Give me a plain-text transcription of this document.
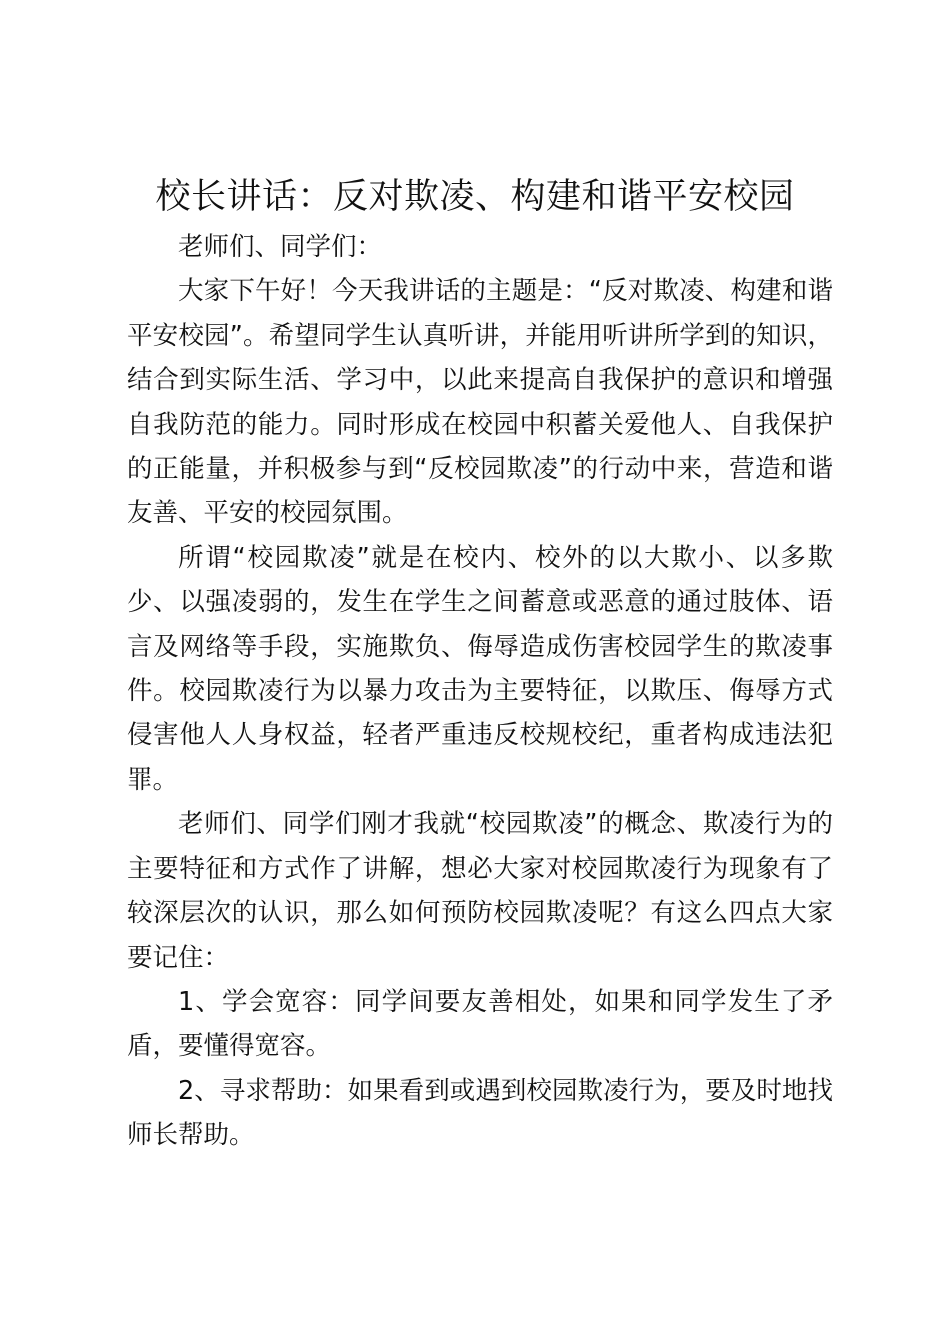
校长讲话：反对欺凌、构建和谐平安校园

老师们、同学们：

大家下午好！今天我讲话的主题是：“反对欺凌、构建和谐平安校园”。希望同学生认真听讲，并能用听讲所学到的知识，结合到实际生活、学习中，以此来提高自我保护的意识和增强自我防范的能力。同时形成在校园中积蓄关爱他人、自我保护的正能量，并积极参与到“反校园欺凌”的行动中来，营造和谐友善、平安的校园氛围。

所谓“校园欺凌”就是在校内、校外的以大欺小、以多欺少、以强凌弱的，发生在学生之间蓄意或恶意的通过肢体、语言及网络等手段，实施欺负、侮辱造成伤害校园学生的欺凌事件。校园欺凌行为以暴力攻击为主要特征，以欺压、侮辱方式侵害他人人身权益，轻者严重违反校规校纪，重者构成违法犯罪。

老师们、同学们刚才我就“校园欺凌”的概念、欺凌行为的主要特征和方式作了讲解，想必大家对校园欺凌行为现象有了较深层次的认识，那么如何预防校园欺凌呢？有这么四点大家要记住：

1、学会宽容：同学间要友善相处，如果和同学发生了矛盾，要懂得宽容。

2、寻求帮助：如果看到或遇到校园欺凌行为，要及时地找师长帮助。
